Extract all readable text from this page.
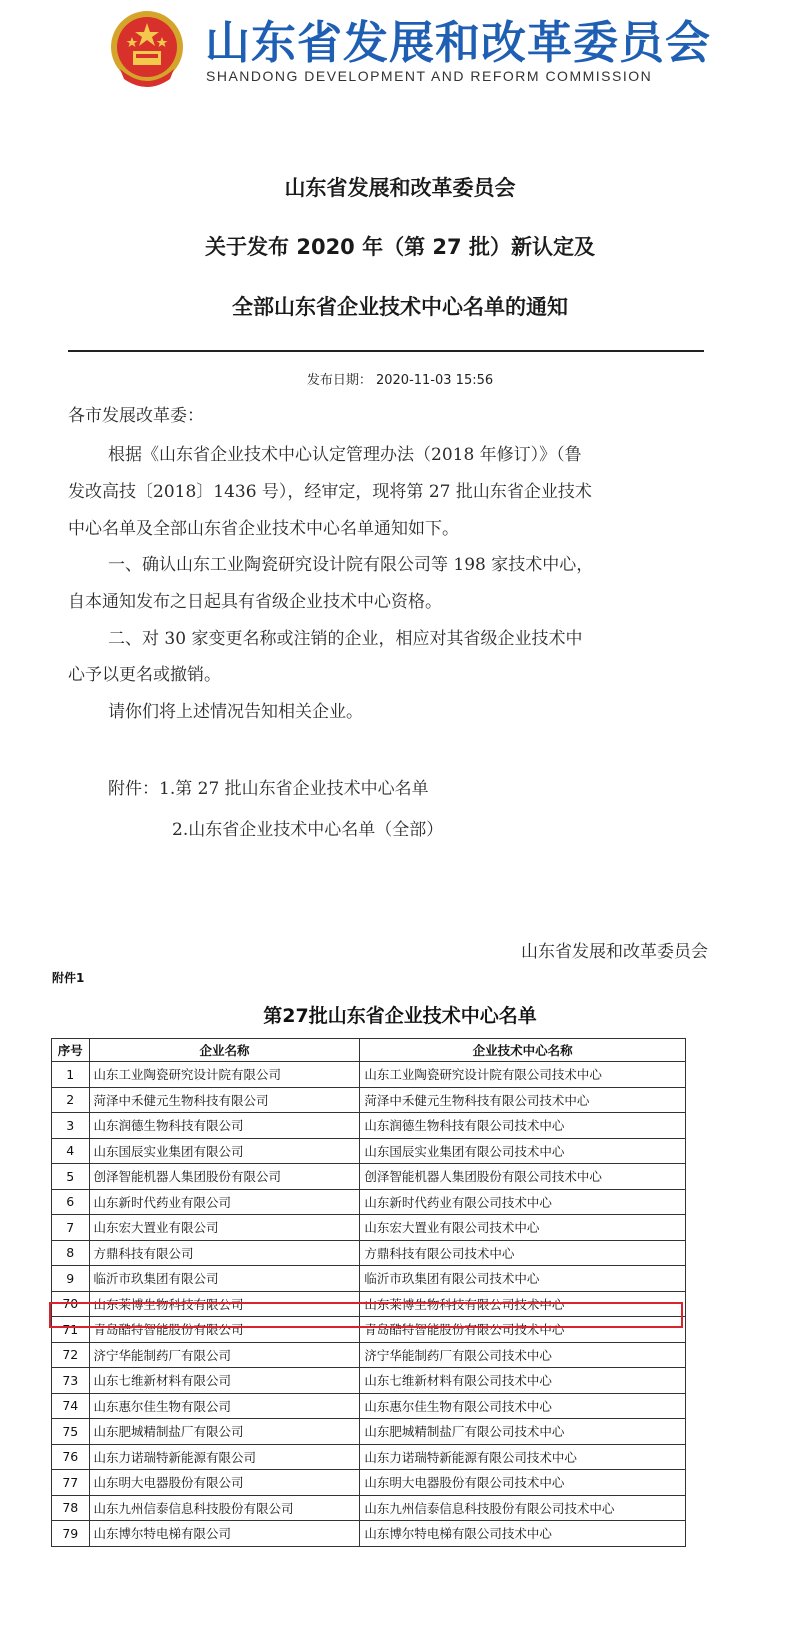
山东省发展和改革委员会
SHANDONG DEVELOPMENT AND REFORM COMMISSION
山东省发展和改革委员会
关于发布 2020 年（第 27 批）新认定及
全部山东省企业技术中心名单的通知
发布日期： 2020-11-03 15:56
各市发展改革委：
根据《山东省企业技术中心认定管理办法（2018 年修订）》（鲁
发改高技〔2018〕1436 号），经审定，现将第 27 批山东省企业技术
中心名单及全部山东省企业技术中心名单通知如下。
一、确认山东工业陶瓷研究设计院有限公司等 198 家技术中心，
自本通知发布之日起具有省级企业技术中心资格。
二、对 30 家变更名称或注销的企业，相应对其省级企业技术中
心予以更名或撤销。
请你们将上述情况告知相关企业。
附件：1.第 27 批山东省企业技术中心名单
2.山东省企业技术中心名单（全部）
山东省发展和改革委员会
附件1
第27批山东省企业技术中心名单
序号	企业名称	企业技术中心名称
1	山东工业陶瓷研究设计院有限公司	山东工业陶瓷研究设计院有限公司技术中心
2	菏泽中禾健元生物科技有限公司	菏泽中禾健元生物科技有限公司技术中心
3	山东润德生物科技有限公司	山东润德生物科技有限公司技术中心
4	山东国辰实业集团有限公司	山东国辰实业集团有限公司技术中心
5	创泽智能机器人集团股份有限公司	创泽智能机器人集团股份有限公司技术中心
6	山东新时代药业有限公司	山东新时代药业有限公司技术中心
7	山东宏大置业有限公司	山东宏大置业有限公司技术中心
8	方鼎科技有限公司	方鼎科技有限公司技术中心
9	临沂市玖集团有限公司	临沂市玖集团有限公司技术中心
70	山东莱博生物科技有限公司	山东莱博生物科技有限公司技术中心
71	青岛酷特智能股份有限公司	青岛酷特智能股份有限公司技术中心
72	济宁华能制药厂有限公司	济宁华能制药厂有限公司技术中心
73	山东七维新材料有限公司	山东七维新材料有限公司技术中心
74	山东惠尔佳生物有限公司	山东惠尔佳生物有限公司技术中心
75	山东肥城精制盐厂有限公司	山东肥城精制盐厂有限公司技术中心
76	山东力诺瑞特新能源有限公司	山东力诺瑞特新能源有限公司技术中心
77	山东明大电器股份有限公司	山东明大电器股份有限公司技术中心
78	山东九州信泰信息科技股份有限公司	山东九州信泰信息科技股份有限公司技术中心
79	山东博尔特电梯有限公司	山东博尔特电梯有限公司技术中心
